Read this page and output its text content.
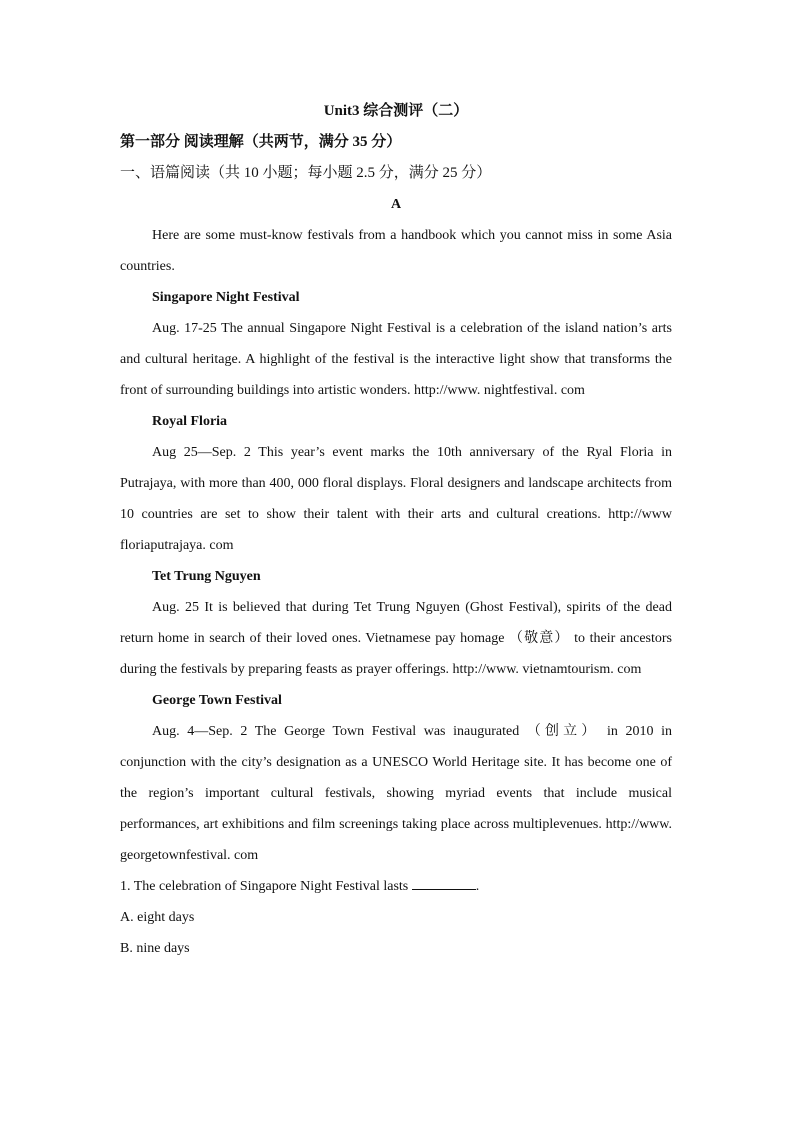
Unit3 综合测评（二）
第一部分 阅读理解（共两节，满分 35 分）
一、语篇阅读（共 10 小题；每小题 2.5 分，满分 25 分）
A

Here are some must-know festivals from a handbook which you cannot miss in some Asia countries.

Singapore Night Festival

Aug. 17-25 The annual Singapore Night Festival is a celebration of the island nation’s arts and cultural heritage. A highlight of the festival is the interactive light show that transforms the front of surrounding buildings into artistic wonders. http://www. nightfestival. com

Royal Floria

Aug 25—Sep. 2 This year’s event marks the 10th anniversary of the Ryal Floria in Putrajaya, with more than 400, 000 floral displays. Floral designers and landscape architects from 10 countries are set to show their talent with their arts and cultural creations. http://www floriaputrajaya. com

Tet Trung Nguyen

Aug. 25 It is believed that during Tet Trung Nguyen (Ghost Festival), spirits of the dead return home in search of their loved ones. Vietnamese pay homage （敬意） to their ancestors during the festivals by preparing feasts as prayer offerings. http://www. vietnamtourism. com

George Town Festival

Aug. 4—Sep. 2 The George Town Festival was inaugurated （创立） in 2010 in conjunction with the city’s designation as a UNESCO World Heritage site. It has become one of the region’s important cultural festivals, showing myriad events that include musical performances, art exhibitions and film screenings taking place across multiplevenues. http://www. georgetownfestival. com

1. The celebration of Singapore Night Festival lasts	.
A. eight days
B. nine days
